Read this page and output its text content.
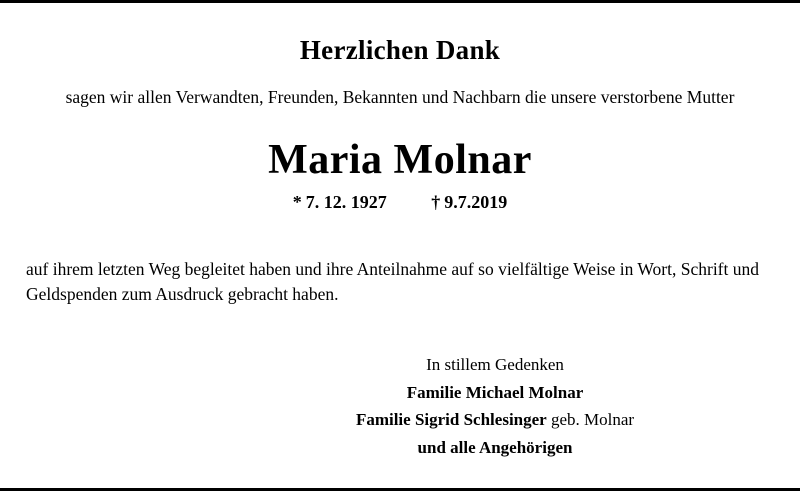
Herzlichen Dank
sagen wir allen Verwandten, Freunden, Bekannten und Nachbarn die unsere verstorbene Mutter
Maria Molnar
* 7. 12. 1927 † 9.7.2019
auf ihrem letzten Weg begleitet haben und ihre Anteilnahme auf so vielfältige Weise in Wort, Schrift und Geldspenden zum Ausdruck gebracht haben.
In stillem Gedenken
Familie Michael Molnar
Familie Sigrid Schlesinger geb. Molnar
und alle Angehörigen
